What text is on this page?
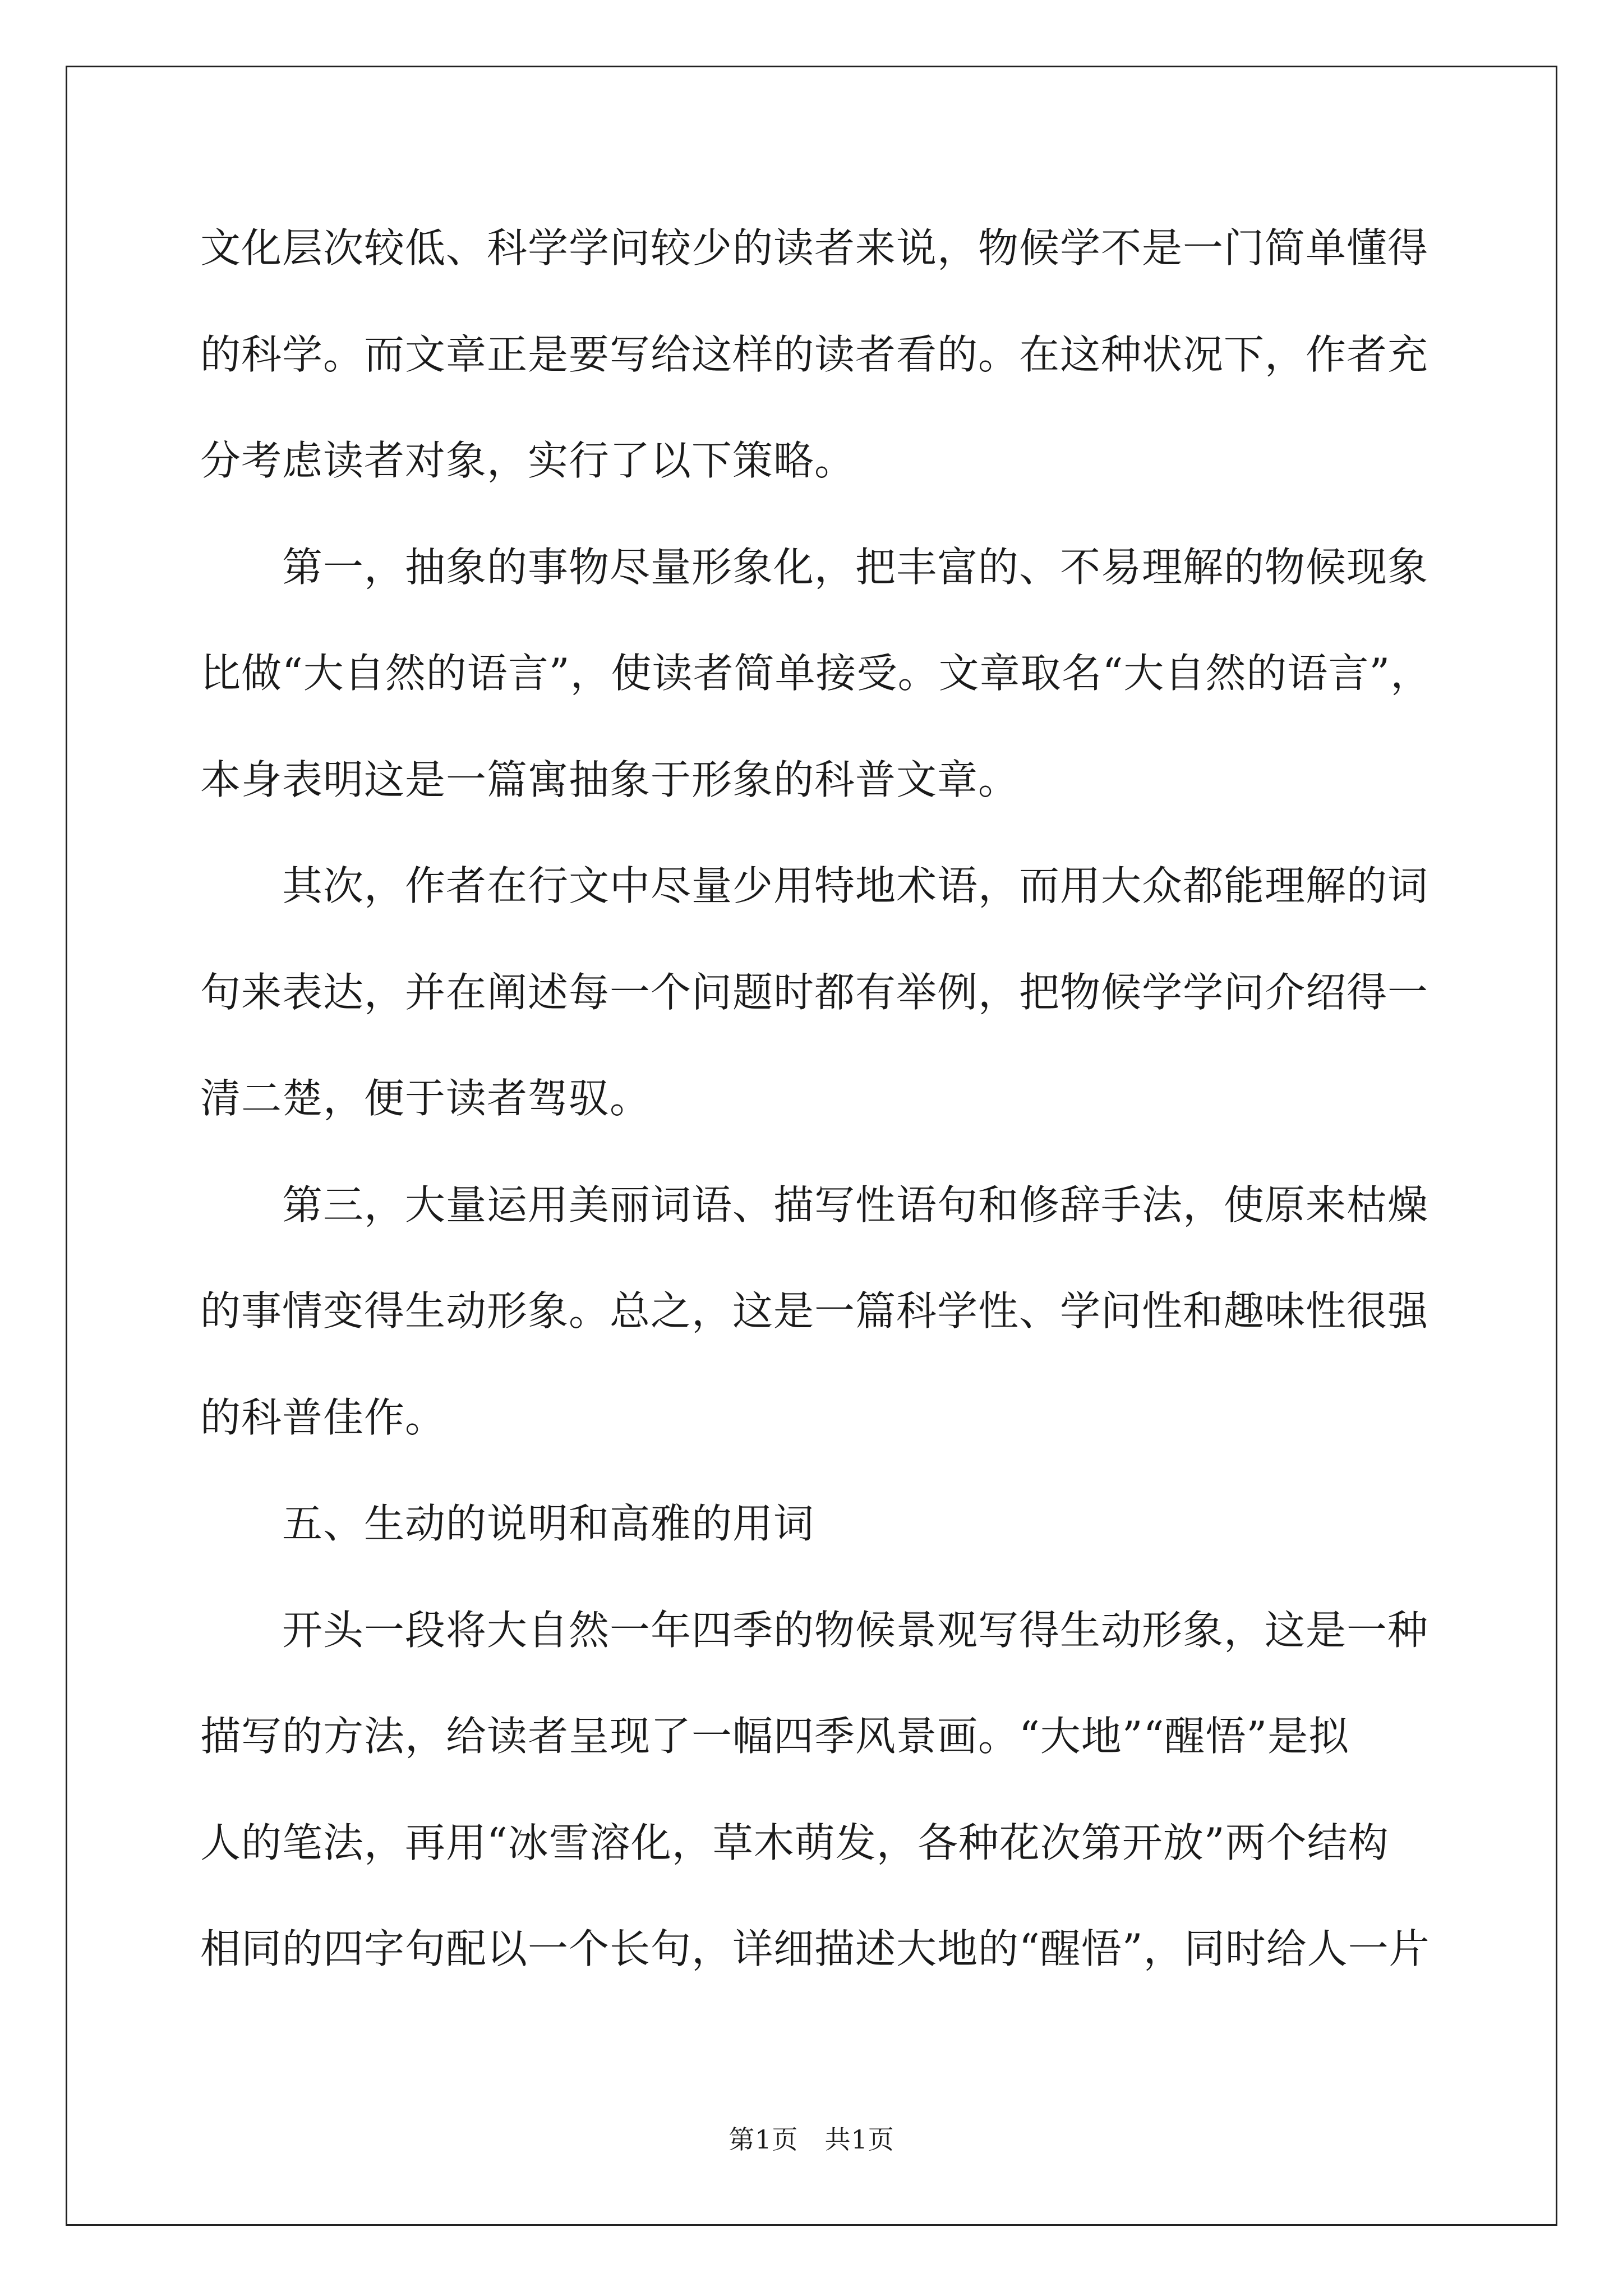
文化层次较低、科学学问较少的读者来说，物候学不是一门简单懂得
的科学。而文章正是要写给这样的读者看的。在这种状况下，作者充
分考虑读者对象，实行了以下策略。
第一，抽象的事物尽量形象化，把丰富的、不易理解的物候现象
比做“大自然的语言”，使读者简单接受。文章取名“大自然的语言”，
本身表明这是一篇寓抽象于形象的科普文章。
其次，作者在行文中尽量少用特地术语，而用大众都能理解的词
句来表达，并在阐述每一个问题时都有举例，把物候学学问介绍得一
清二楚，便于读者驾驭。
第三，大量运用美丽词语、描写性语句和修辞手法，使原来枯燥
的事情变得生动形象。总之，这是一篇科学性、学问性和趣味性很强
的科普佳作。
五、生动的说明和高雅的用词
开头一段将大自然一年四季的物候景观写得生动形象，这是一种
描写的方法，给读者呈现了一幅四季风景画。“大地”“醒悟”是拟
人的笔法，再用“冰雪溶化，草木萌发，各种花次第开放”两个结构
相同的四字句配以一个长句，详细描述大地的“醒悟”，同时给人一片
第1页　共1页
